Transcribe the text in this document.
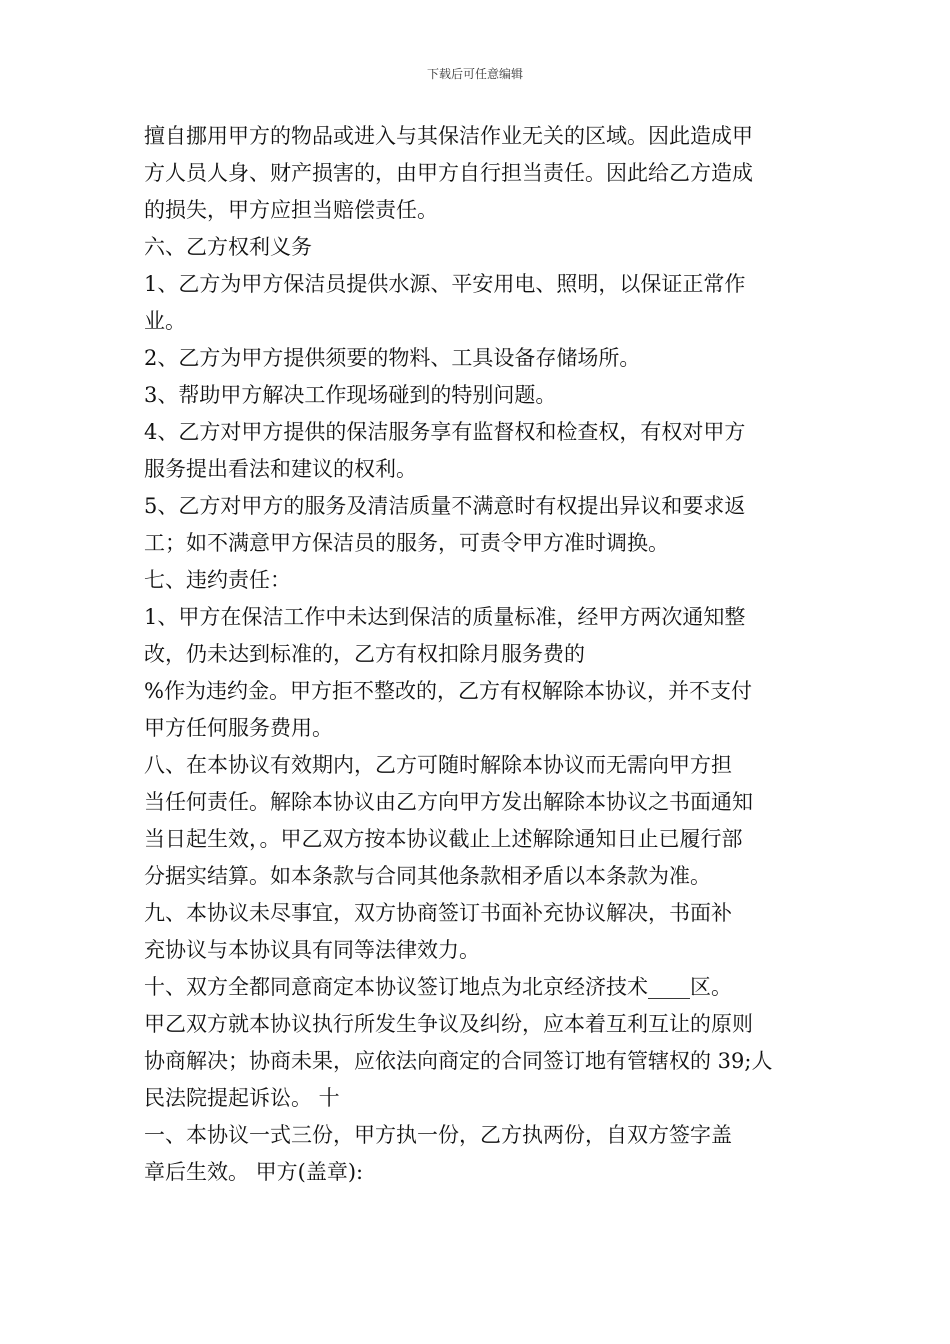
下载后可任意编辑
擅自挪用甲方的物品或进入与其保洁作业无关的区域。因此造成甲
方人员人身、财产损害的，由甲方自行担当责任。因此给乙方造成
的损失，甲方应担当赔偿责任。
六、乙方权利义务
1、乙方为甲方保洁员提供水源、平安用电、照明，以保证正常作
业。
2、乙方为甲方提供须要的物料、工具设备存储场所。
3、帮助甲方解决工作现场碰到的特别问题。
4、乙方对甲方提供的保洁服务享有监督权和检查权，有权对甲方
服务提出看法和建议的权利。
5、乙方对甲方的服务及清洁质量不满意时有权提出异议和要求返
工；如不满意甲方保洁员的服务，可责令甲方准时调换。
七、违约责任：
1、甲方在保洁工作中未达到保洁的质量标准，经甲方两次通知整
改，仍未达到标准的，乙方有权扣除月服务费的
%作为违约金。甲方拒不整改的，乙方有权解除本协议，并不支付
甲方任何服务费用。
八、在本协议有效期内，乙方可随时解除本协议而无需向甲方担
当任何责任。解除本协议由乙方向甲方发出解除本协议之书面通知
当日起生效，。甲乙双方按本协议截止上述解除通知日止已履行部
分据实结算。如本条款与合同其他条款相矛盾以本条款为准。
九、本协议未尽事宜，双方协商签订书面补充协议解决，书面补
充协议与本协议具有同等法律效力。
十、双方全都同意商定本协议签订地点为北京经济技术____区。
甲乙双方就本协议执行所发生争议及纠纷，应本着互利互让的原则
协商解决；协商未果，应依法向商定的合同签订地有管辖权的 39;人
民法院提起诉讼。 十
一、本协议一式三份，甲方执一份，乙方执两份，自双方签字盖
章后生效。 甲方(盖章):
